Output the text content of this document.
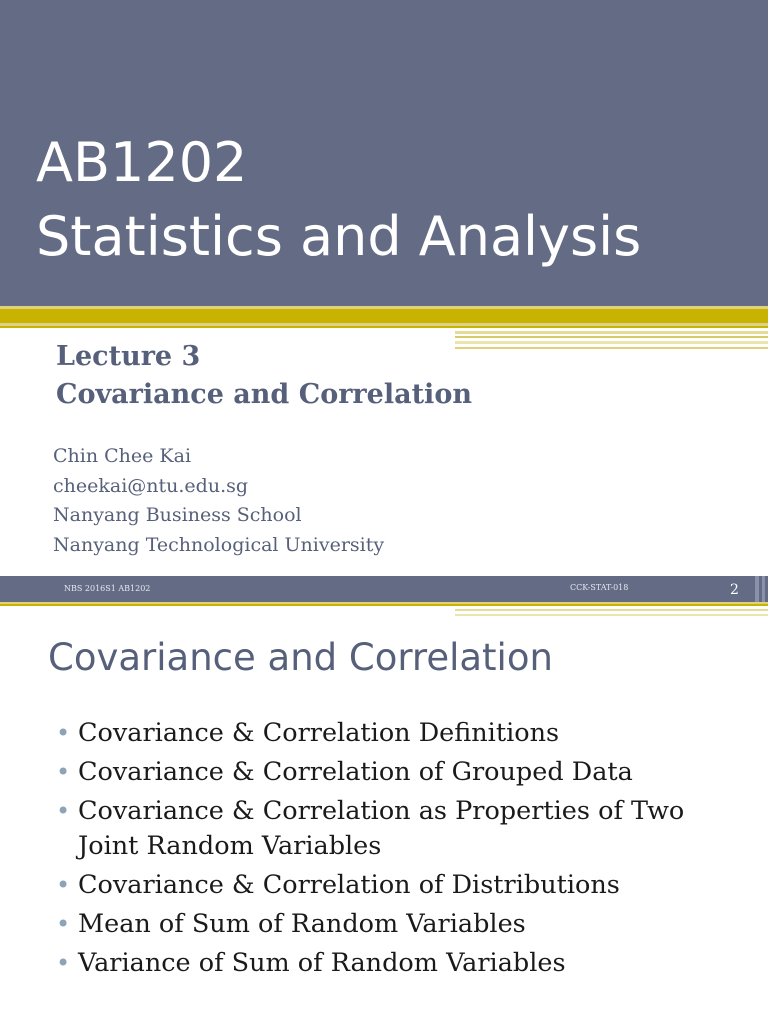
AB1202
Statistics and Analysis
Lecture 3
Covariance and Correlation
Chin Chee Kai
cheekai@ntu.edu.sg
Nanyang Business School
Nanyang Technological University
NBS 2016S1 AB1202	CCK-STAT-018	2
Covariance and Correlation
• Covariance & Correlation Definitions
• Covariance & Correlation of Grouped Data
• Covariance & Correlation as Properties of Two Joint Random Variables
• Covariance & Correlation of Distributions
• Mean of Sum of Random Variables
• Variance of Sum of Random Variables
